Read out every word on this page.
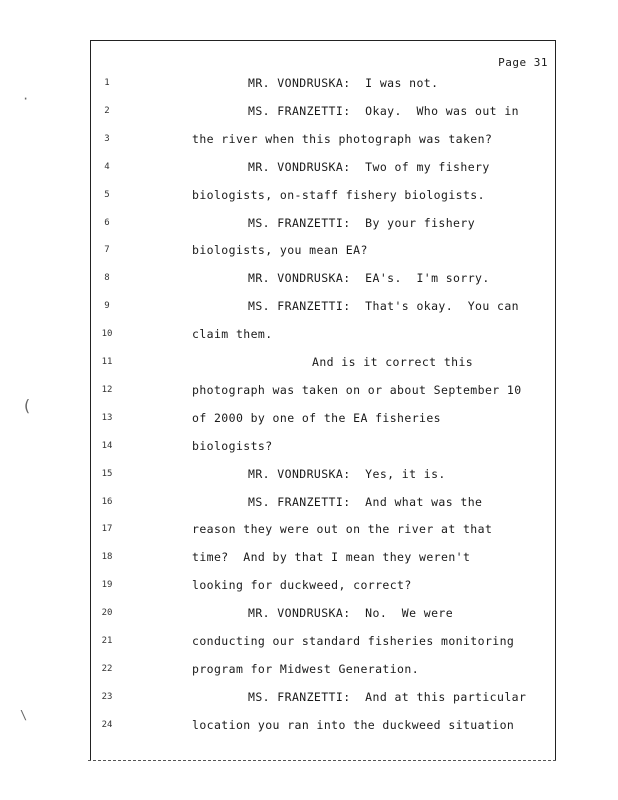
Page 31
1	MR. VONDRUSKA:  I was not.
2	MS. FRANZETTI:  Okay.  Who was out in
3	the river when this photograph was taken?
4	MR. VONDRUSKA:  Two of my fishery
5	biologists, on-staff fishery biologists.
6	MS. FRANZETTI:  By your fishery
7	biologists, you mean EA?
8	MR. VONDRUSKA:  EA's.  I'm sorry.
9	MS. FRANZETTI:  That's okay.  You can
10	claim them.
11	And is it correct this
12	photograph was taken on or about September 10
13	of 2000 by one of the EA fisheries
14	biologists?
15	MR. VONDRUSKA:  Yes, it is.
16	MS. FRANZETTI:  And what was the
17	reason they were out on the river at that
18	time?  And by that I mean they weren't
19	looking for duckweed, correct?
20	MR. VONDRUSKA:  No.  We were
21	conducting our standard fisheries monitoring
22	program for Midwest Generation.
23	MS. FRANZETTI:  And at this particular
24	location you ran into the duckweed situation
·
(
\
